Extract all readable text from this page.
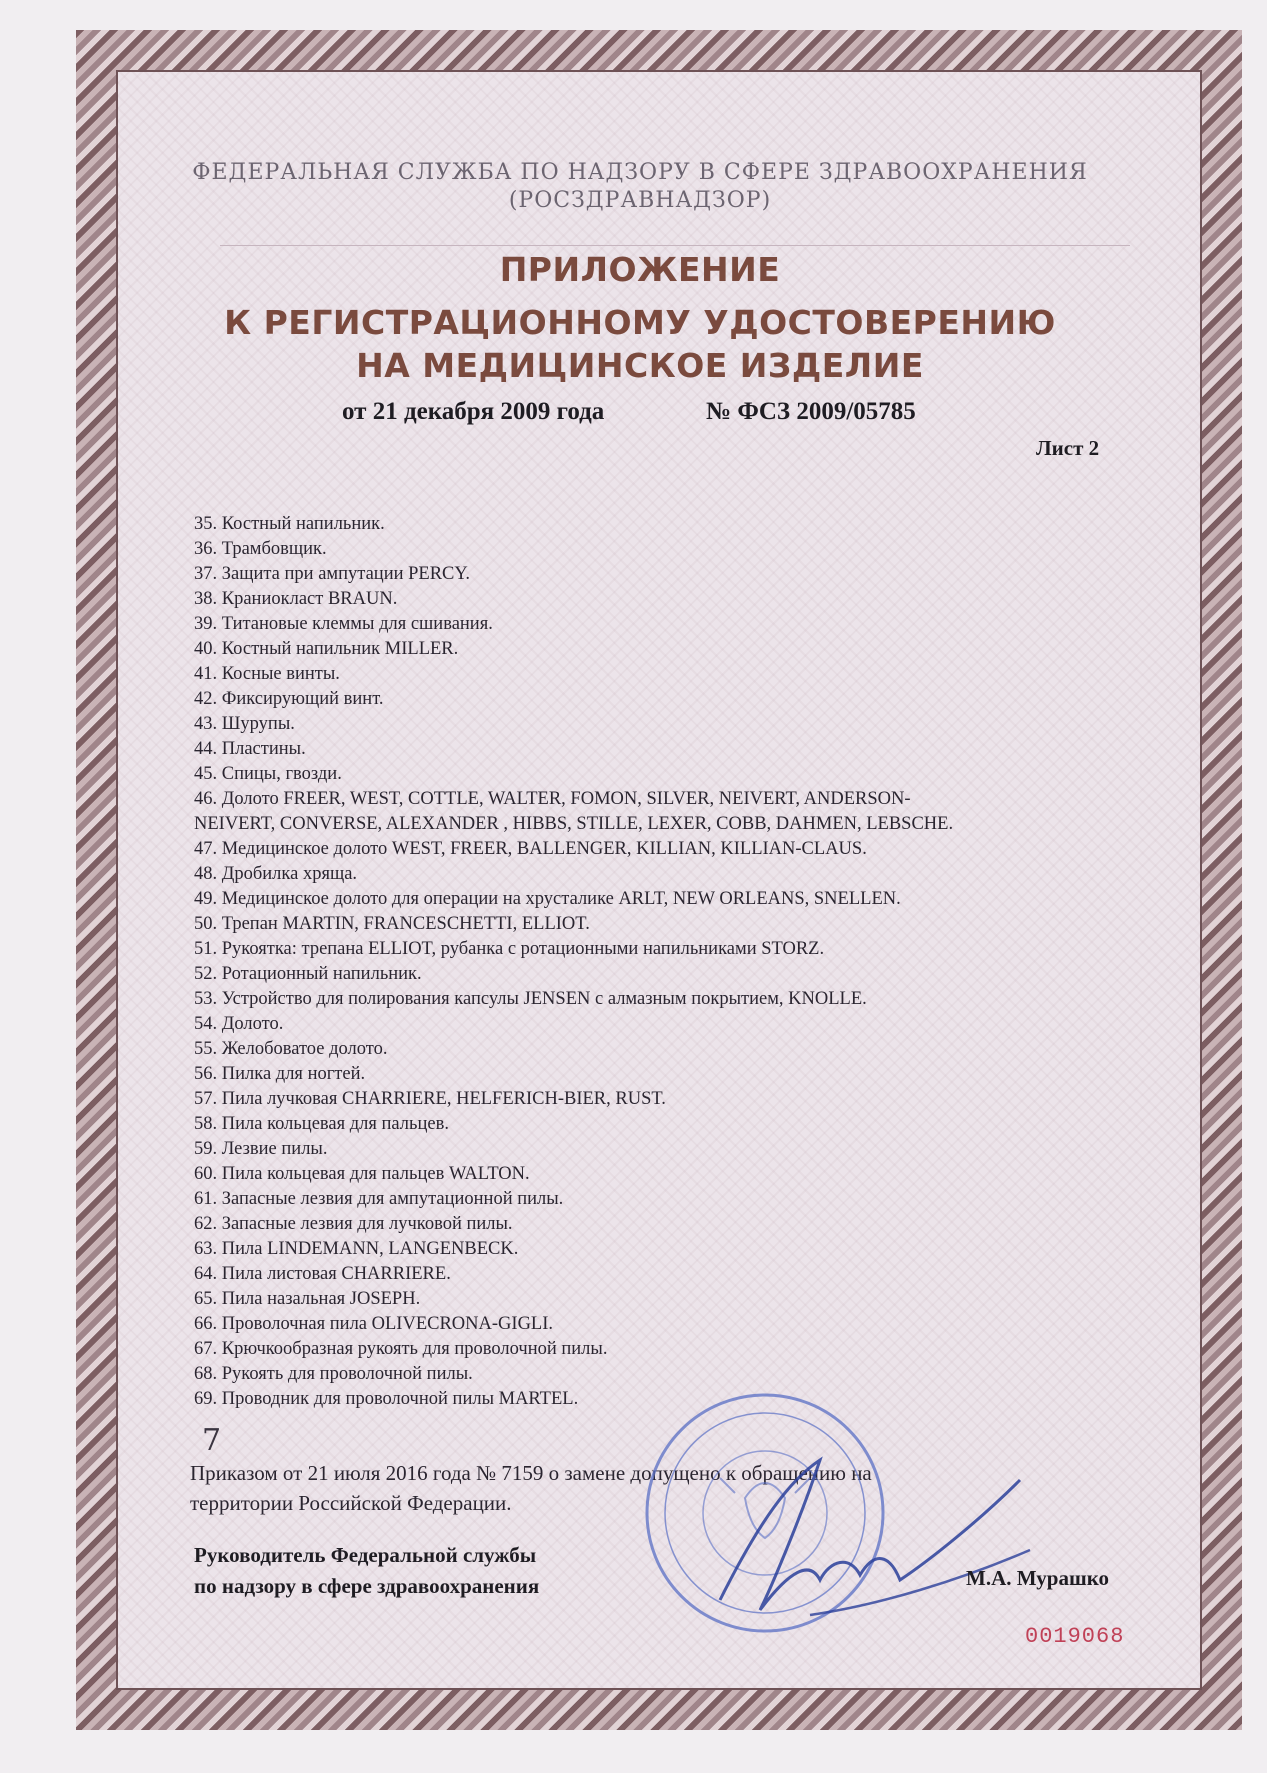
ФЕДЕРАЛЬНАЯ СЛУЖБА ПО НАДЗОРУ В СФЕРЕ ЗДРАВООХРАНЕНИЯ
(РОСЗДРАВНАДЗОР)
ПРИЛОЖЕНИЕ
К РЕГИСТРАЦИОННОМУ УДОСТОВЕРЕНИЮ
НА МЕДИЦИНСКОЕ ИЗДЕЛИЕ
от 21 декабря 2009 года	№ ФСЗ 2009/05785
Лист 2
35. Костный напильник.
36. Трамбовщик.
37. Защита при ампутации PERCY.
38. Краниокласт BRAUN.
39. Титановые клеммы для сшивания.
40. Костный напильник MILLER.
41. Косные винты.
42. Фиксирующий винт.
43. Шурупы.
44. Пластины.
45. Спицы, гвозди.
46. Долото FREER, WEST, COTTLE, WALTER, FOMON, SILVER, NEIVERT, ANDERSON-
NEIVERT, CONVERSE, ALEXANDER , HIBBS, STILLE, LEXER, COBB, DAHMEN, LEBSCHE.
47. Медицинское долото WEST, FREER, BALLENGER, KILLIAN, KILLIAN-CLAUS.
48. Дробилка хряща.
49. Медицинское долото для операции на хрусталике ARLT, NEW ORLEANS, SNELLEN.
50. Трепан MARTIN, FRANCESCHETTI, ELLIOT.
51. Рукоятка: трепана ELLIOT, рубанка с ротационными напильниками STORZ.
52. Ротационный напильник.
53. Устройство для полирования капсулы JENSEN с алмазным покрытием, KNOLLE.
54. Долото.
55. Желобоватое долото.
56. Пилка для ногтей.
57. Пила лучковая CHARRIERE, HELFERICH-BIER, RUST.
58. Пила кольцевая для пальцев.
59. Лезвие пилы.
60. Пила кольцевая для пальцев WALTON.
61. Запасные лезвия для ампутационной пилы.
62. Запасные лезвия для лучковой пилы.
63. Пила LINDEMANN, LANGENBECK.
64. Пила листовая CHARRIERE.
65. Пила назальная JOSEPH.
66. Проволочная пила OLIVECRONA-GIGLI.
67. Крючкообразная рукоять для проволочной пилы.
68. Рукоять для проволочной пилы.
69. Проводник для проволочной пилы MARTEL.
7
Приказом от 21 июля 2016 года № 7159 о замене допущено к обращению на
территории Российской Федерации.
Руководитель Федеральной службы
по надзору в сфере здравоохранения	М.А. Мурашко
0019068
